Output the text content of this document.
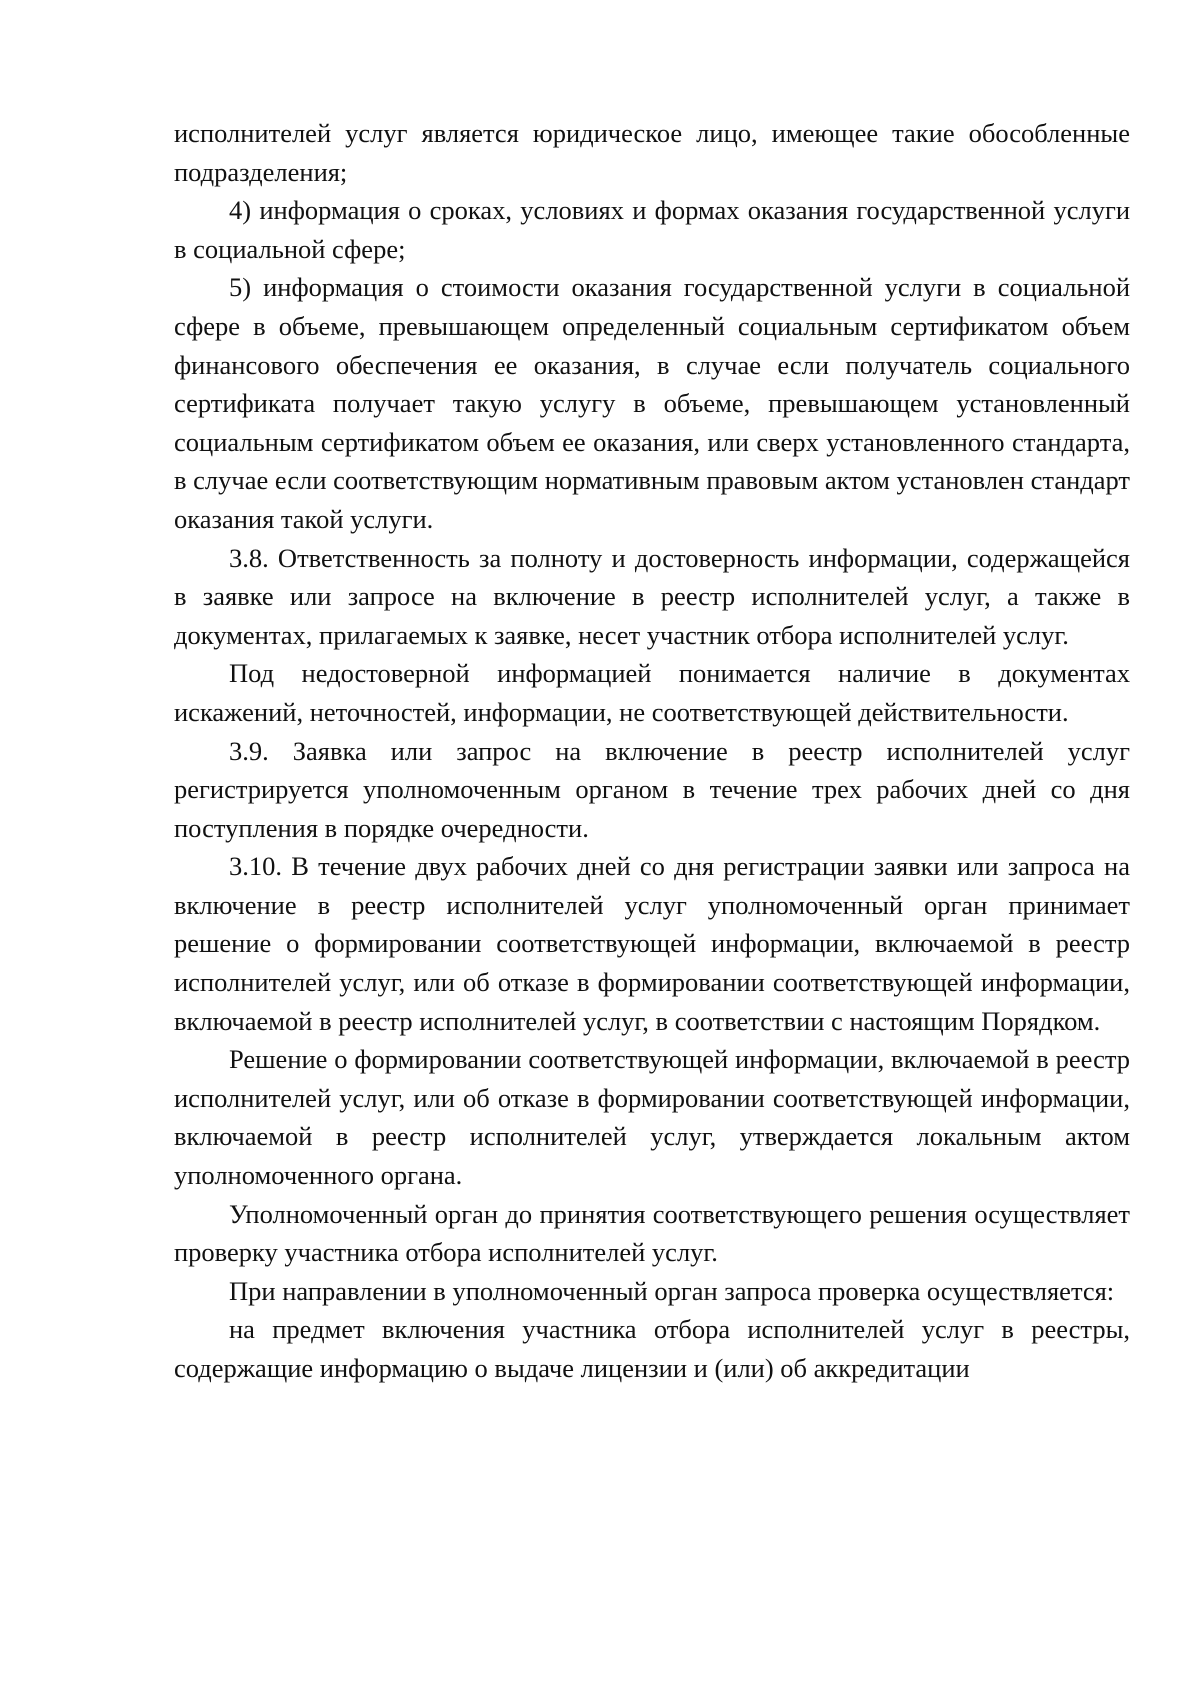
исполнителей услуг является юридическое лицо, имеющее такие обособленные подразделения;

4) информация о сроках, условиях и формах оказания государственной услуги в социальной сфере;

5) информация о стоимости оказания государственной услуги в социальной сфере в объеме, превышающем определенный социальным сертификатом объем финансового обеспечения ее оказания, в случае если получатель социального сертификата получает такую услугу в объеме, превышающем установленный социальным сертификатом объем ее оказания, или сверх установленного стандарта, в случае если соответствующим нормативным правовым актом установлен стандарт оказания такой услуги.

3.8. Ответственность за полноту и достоверность информации, содержащейся в заявке или запросе на включение в реестр исполнителей услуг, а также в документах, прилагаемых к заявке, несет участник отбора исполнителей услуг.

Под недостоверной информацией понимается наличие в документах искажений, неточностей, информации, не соответствующей действительности.

3.9. Заявка или запрос на включение в реестр исполнителей услуг регистрируется уполномоченным органом в течение трех рабочих дней со дня поступления в порядке очередности.

3.10. В течение двух рабочих дней со дня регистрации заявки или запроса на включение в реестр исполнителей услуг уполномоченный орган принимает решение о формировании соответствующей информации, включаемой в реестр исполнителей услуг, или об отказе в формировании соответствующей информации, включаемой в реестр исполнителей услуг, в соответствии с настоящим Порядком.

Решение о формировании соответствующей информации, включаемой в реестр исполнителей услуг, или об отказе в формировании соответствующей информации, включаемой в реестр исполнителей услуг, утверждается локальным актом уполномоченного органа.

Уполномоченный орган до принятия соответствующего решения осуществляет проверку участника отбора исполнителей услуг.

При направлении в уполномоченный орган запроса проверка осуществляется:

на предмет включения участника отбора исполнителей услуг в реестры, содержащие информацию о выдаче лицензии и (или) об аккредитации
